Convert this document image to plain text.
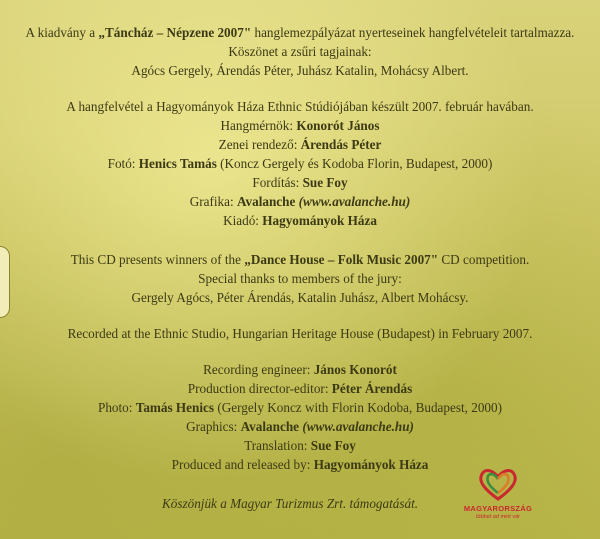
A kiadvány a „Táncház – Népzene 2007" hanglemezpályázat nyerteseinek hangfelvételeit tartalmazza.
Köszönet a zsűri tagjainak:
Agócs Gergely, Árendás Péter, Juhász Katalin, Mohácsy Albert.
A hangfelvétel a Hagyományok Háza Ethnic Stúdiójában készült 2007. február havában.
Hangmérnök: Konorót János
Zenei rendező: Árendás Péter
Fotó: Henics Tamás (Koncz Gergely és Kodoba Florin, Budapest, 2000)
Fordítás: Sue Foy
Grafika: Avalanche (www.avalanche.hu)
Kiadó: Hagyományok Háza
This CD presents winners of the „Dance House – Folk Music 2007" CD competition.
Special thanks to members of the jury:
Gergely Agócs, Péter Árendás, Katalin Juhász, Albert Mohácsy.
Recorded at the Ethnic Studio, Hungarian Heritage House (Budapest) in February 2007.
Recording engineer: János Konorót
Production director-editor: Péter Árendás
Photo: Tamás Henics (Gergely Koncz with Florin Kodoba, Budapest, 2000)
Graphics: Avalanche (www.avalanche.hu)
Translation: Sue Foy
Produced and released by: Hagyományok Háza
Köszönjük a Magyar Turizmus Zrt. támogatását.	MAGYARORSZÁG
többet ad mint vár
